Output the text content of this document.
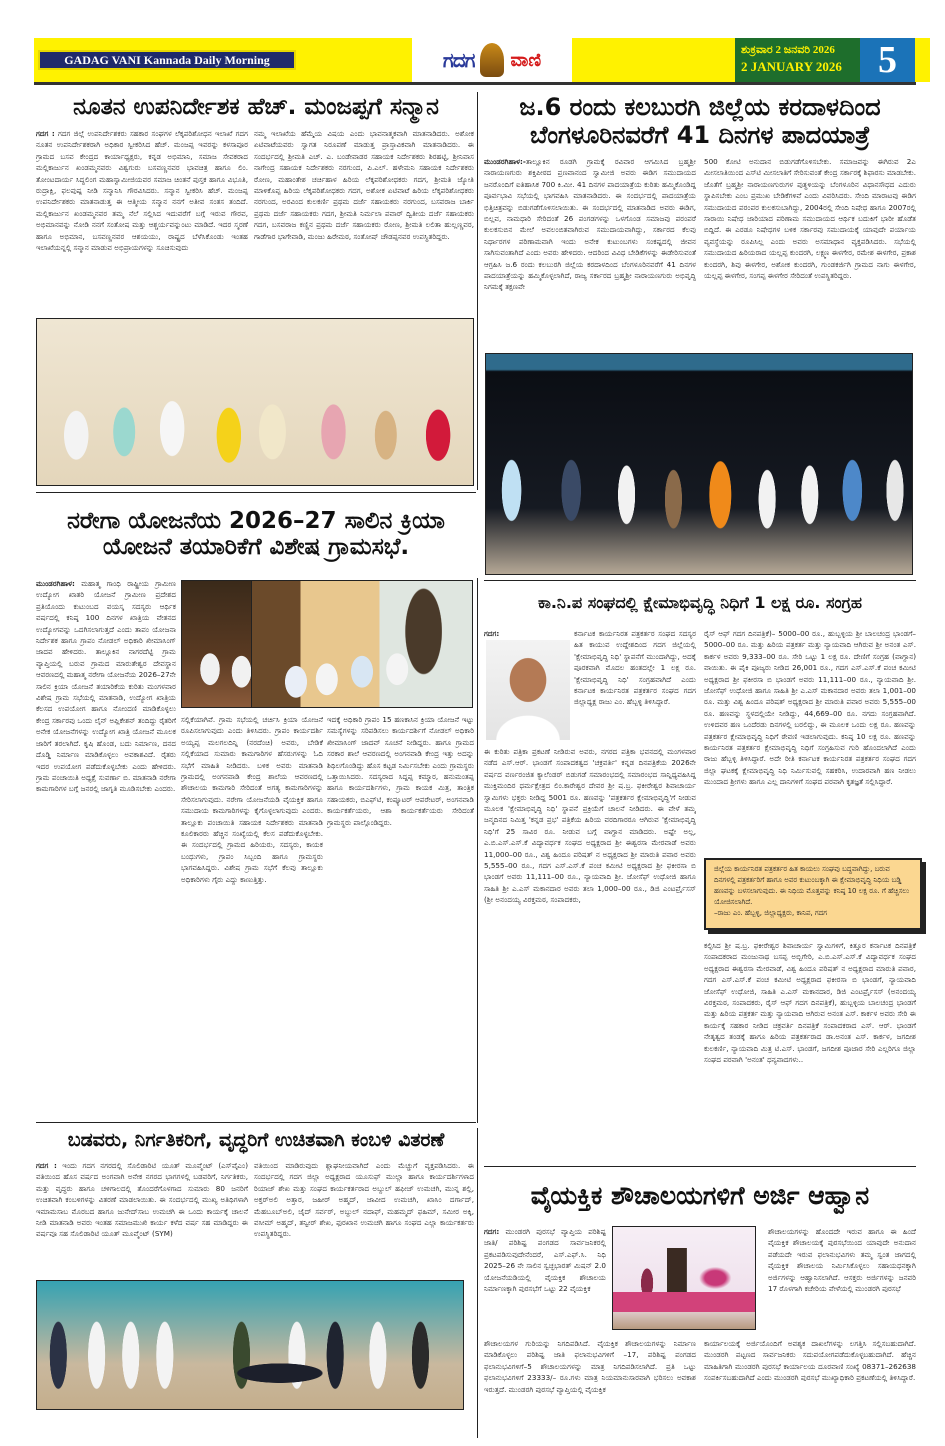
GADAG VANI Kannada Daily Morning	ಗದಗ ವಾಣಿ	ಶುಕ್ರವಾರ 2 ಜನವರಿ 2026
2 JANUARY 2026 5
ನೂತನ ಉಪನಿರ್ದೇಶಕ ಹೆಚ್. ಮಂಜಪ್ಪಗೆ ಸನ್ಮಾನ
ಗದಗ : ಗದಗ ಜಿಲ್ಲೆ ಉಪನಿರ್ದೇಶಕರು ಸಹಕಾರ ಸಂಘಗಳ ಲೆಕ್ಕಪರಿಶೋಧನ ಇಲಾಖೆ ಗದಗ ನೂತನ ಉಪನಿರ್ದೇಶಕರಾಗಿ ಅಧಿಕಾರ ಸ್ವೀಕರಿಸಿದ ಹೆಚ್. ಮಂಜಪ್ಪ ಇವರನ್ನು ಕಳಸಾಪೂರ ಗ್ರಾಮದ ಬಸವ ಕೇಂದ್ರದ ಕಾರ್ಯಾಧ್ಯಕ್ಷರು, ಕನ್ನಡ ಅಭಿಮಾನಿ, ಸಮಾಜ ಸೇವಕರಾದ ಮಲ್ಲಿಕಾರ್ಜುನ ಖಂಡಮ್ಮನವರು ವಿಶ್ವಗುರು ಬಸವಣ್ಣನವರ ಭಾವಚಿತ್ರ ಹಾಗೂ ಲಿಂ. ತೋಂಟದಾರ್ಯ ಸಿದ್ಧಲಿಂಗ ಮಹಾಸ್ವಾಮೀಜಿಯವರ ಸಮಾಜ ಚಿಂತನೆ ಪುಸ್ತಕ ಹಾಗೂ ವಿಭೂತಿ, ರುದ್ರಾಕ್ಷಿ, ಫಲಪುಷ್ಪ ನೀಡಿ ಸನ್ಮಾನಿಸಿ ಗೌರವಿಸಿದರು. ಸನ್ಮಾನ ಸ್ವೀಕರಿಸಿ ಹೆಚ್. ಮಂಜಪ್ಪ ಉಪನಿರ್ದೇಶಕರು ಮಾತನಾಡುತ್ತ ಈ ಆತ್ಮೀಯ ಸನ್ಮಾನ ನನಗೆ ಅತೀವ ಸಂತಸ ತಂದಿದೆ. ಮಲ್ಲಿಕಾರ್ಜುನ ಖಂಡಮ್ಮನವರ ತಮ್ಮ ನೆಲೆ ಸಲ್ಲಿಸಿದ ಇದುವರೆಗೆ ಬಗ್ಗೆ ಇರುವ ಗೌರವ, ಅಭಿಮಾನವನ್ನು ನೋಡಿ ನನಗೆ ಸಂತೋಷ ಮತ್ತು ಆಶ್ಚರ್ಯವನ್ನುಂಟು ಮಾಡಿದೆ. ಇದರ ಸ್ಮರಣೆ ಹಾಗೂ ಅಭಿಮಾನ, ಬಸವಣ್ಣನವರ ಆಶಯಯು, ರಾಷ್ಟ್ರದ ಬೆಳೆಸಿಕೊಂಡು ಇಂತಹ ಇಲಾಖೆಯನ್ನಲ್ಲಿ ಸನ್ಮಾನ ಮಾಡುವ ಅಭಿಪ್ರಾಯಗಳನ್ನು ಸೂಚಿಸುವುದು
ನಮ್ಮ ಇಲಾಖೆಯ ಹೆಮ್ಮೆಯ ವಿಷಯ ಎಂದು ಭಾವನಾತ್ಮಕವಾಗಿ ಮಾತನಾಡಿದರು. ಅಶೋಕ ಏಟಿವಾಟೆಯವರು ಸ್ವಾಗತ ನಿರೂಪಣೆ ಮಾಡುತ್ತ ಪ್ರಾಸ್ತಾವಿಕವಾಗಿ ಮಾತನಾಡಿದರು. ಈ ಸಂದರ್ಭದಲ್ಲಿ ಶ್ರೀಮತಿ ಎಚ್. ಎ. ಬಂಡೇವಾಡರ ಸಹಾಯಕ ನಿರ್ದೇಶಕರು ಶಿರಹಟ್ಟಿ, ಶ್ರೀನಿವಾಸ ನಾಗೇಂದ್ರ ಸಹಾಯಕ ನಿರ್ದೇಶಕರು ನರಗುಂದ, ಪಿ.ಎಲ್. ಹಳೇಮನಿ ಸಹಾಯಕ ನಿರ್ದೇಶಕರು ರೋಣ, ಮಹಾಂತೇಶ ಚರ್ಚಿಹಾಳ ಹಿರಿಯ ಲೆಕ್ಕಪರಿಶೋಧಕರು ಗದಗ, ಶ್ರೀಮತಿ ಜ್ಯೋತಿ ಮಾಳಿಕೊಪ್ಪ ಹಿರಿಯ ಲೆಕ್ಕಪರಿಶೋಧಕರು ಗದಗ, ಅಶೋಕ ಏಟಿವಾಟೆ ಹಿರಿಯ ಲೆಕ್ಕಪರಿಶೋಧಕರು ನರಗುಂದ, ಅರವಿಂದ ಕುಲಕರ್ಣಿ ಪ್ರಥಮ ದರ್ಜೆ ಸಹಾಯಕರು ನರಗುಂದ, ಬಸವರಾಜ ಬಾರ್ಕಿ ಪ್ರಥಮ ದರ್ಜೆ ಸಹಾಯಕರು ಗದಗ, ಶ್ರೀಮತಿ ನಿರ್ಮಲಾ ಪವಾರ್ ದ್ವಿತೀಯ ದರ್ಜೆ ಸಹಾಯಕರು ಗದಗ, ಬಸವರಾಜ ಕಣ್ಣಿನ ಪ್ರಥಮ ದರ್ಜೆ ಸಹಾಯಕರು ರೋಣ, ಶ್ರೀಮತಿ ಲಲಿತಾ ಹುಲ್ಲಣ್ಣವರ, ಗಾಡೆಗಾರ ಭಾಗೇವಾಡಿ, ಮಂಜು ಹಿರೇಮಠ, ಸಂತೋಷ್ ಚೌಡಪ್ಪನವರ ಉಪಸ್ಥಿತರಿದ್ದರು.
ಜ.6 ರಂದು ಕಲಬುರಗಿ ಜಿಲ್ಲೆಯ ಕರದಾಳದಿಂದ
ಬೆಂಗಳೂರಿನವರೆಗೆ 41 ದಿನಗಳ ಪಾದಯಾತ್ರೆ
ಮುಂಡರಗಿಹಾಳ:-ತಾಲ್ಲೂಕಿನ ರೂಡಗಿ ಗ್ರಾಮಕ್ಕೆ ರವಿವಾರ ಆಗಮಿಸಿದ ಬ್ರಹ್ಮಶ್ರೀ ನಾರಾಯಣಗುರು ಶಕ್ತಿಪೀಠದ ಪ್ರಣವಾನಂದ ಸ್ವಾಮೀಜಿ ಅವರು ಈಡಿಗ ಸಮುದಾಯದ ಜನರೊಂದಿಗೆ ಐತಿಹಾಸಿಕ 700 ಕಿ.ಮೀ. 41 ದಿನಗಳ ಪಾದಯಾತ್ರೆಯ ಕುರಿತು ಹಮ್ಮಿಕೊಂಡಿದ್ದ ಪೂರ್ವಭಾವಿ ಸಭೆಯಲ್ಲಿ ಭಾಗವಹಿಸಿ ಮಾತನಾಡಿದರು. ಈ ಸಂದರ್ಭದಲ್ಲಿ ಪಾದಯಾತ್ರೆಯ ಭಿತ್ತಿಚಿತ್ರವನ್ನು ಬಿಡುಗಡೆಗೊಳಿಸಲಾಯಿತು. ಈ ಸಂದರ್ಭದಲ್ಲಿ ಮಾತನಾಡಿದ ಅವರು ಈಡಿಗ, ಬಿಲ್ಲವ, ನಾಮಧಾರಿ ಸೇರಿದಂತೆ 26 ಪಂಗಡಗಳನ್ನು ಒಳಗೊಂಡ ಸಮಾಜವು ಪರಂಪರೆ ಕುಲಕಸುಬಿನ ಮೇಲೆ ಅವಲಂಬಿತವಾಗಿರುವ ಸಮುದಾಯವಾಗಿದ್ದು, ಸರ್ಕಾರದ ಕೆಲವು ನಿರ್ಧಾರಗಳ ಪರಿಣಾಮವಾಗಿ ಇಂದು ಅನೇಕ ಕುಟುಂಬಗಳು ಸಂಕಷ್ಟದಲ್ಲಿ ಜೀವನ ಸಾಗಿಸುವಂತಾಗಿದೆ ಎಂದು ಅವರು ಹೇಳಿದರು. ಆದರಿಂದ ವಿವಿಧ ಬೇಡಿಕೆಗಳನ್ನು ಈಡೇರಿಸುವಂತೆ ಆಗ್ರಹಿಸಿ ಜ.6 ರಂದು ಕಲಬುರಗಿ ಜಿಲ್ಲೆಯ ಕರದಾಳದಿಂದ ಬೆಂಗಳೂರಿನವರೆಗೆ 41 ದಿನಗಳ ಪಾದಯಾತ್ರೆಯನ್ನು ಹಮ್ಮಿಕೊಳ್ಳಲಾಗಿದೆ, ರಾಜ್ಯ ಸರ್ಕಾರದ ಬ್ರಹ್ಮಶ್ರೀ ನಾರಾಯಣಗುರು ಅಭಿವೃದ್ಧಿ ನಿಗಮಕ್ಕೆ ತಕ್ಷಣವೇ
500 ಕೋಟಿ ಅನುದಾನ ಬಿಡುಗಡೆಗೊಳಿಸಬೇಕು. ಸಮಾಜವನ್ನು ಈಗಿರುವ 2ಎ ಮೀಸಲಾತಿಯಿಂದ ಎಸ್‌ಟಿ ಮೀಸಲಾತಿಗೆ ಸೇರಿಸುವಂತೆ ಕೇಂದ್ರ ಸರ್ಕಾರಕ್ಕೆ ಶಿಫಾರಸು ಮಾಡಬೇಕು. ಜೊತೆಗೆ ಬ್ರಹ್ಮಶ್ರೀ ನಾರಾಯಣಗುರುಗಳ ಪುತ್ಥಳಿಯನ್ನು ಬೆಂಗಳೂರಿನ ವಿಧಾನಸೌಧದ ಎದುರು ಸ್ಥಾಪಿಸಬೇಕು ಎಂಬ ಪ್ರಮುಖ ಬೇಡಿಕೆಗಳಿವೆ ಎಂದು ವಿವರಿಸಿದರು. ಸೇಂದಿ ಮಾರಾಟವು ಈಡಿಗ ಸಮುದಾಯದ ಪರಂಪರ ಕುಲಕಸುಬಾಗಿದ್ದು, 2004ರಲ್ಲಿ ಸೇಂದಿ ನಿಷೇಧ ಹಾಗೂ 2007ರಲ್ಲಿ ಸಾರಾಯಿ ನಿಷೇಧ ಜಾರಿಯಾದ ಪರಿಣಾಮ ಸಮುದಾಯದ ಆರ್ಥಿಕ ಬದುಕಿಗೆ ಭಾರೀ ಹೊಡೆತ ಬಿದ್ದಿದೆ. ಈ ಎರಡೂ ನಿಷೇಧಗಳ ಬಳಿಕ ಸರ್ಕಾರವು ಸಮುದಾಯಕ್ಕೆ ಯಾವುದೇ ಪರ್ಯಾಯ ವ್ಯವಸ್ಥೆಯನ್ನು ರೂಪಿಸಿಲ್ಲ ಎಂದು ಅವರು ಅಸಮಾಧಾನ ವ್ಯಕ್ತಪಡಿಸಿದರು. ಸಭೆಯಲ್ಲಿ ಸಮುದಾಯದ ಹಿರಿಯರಾದ ಯಲ್ಲಪ್ಪ ಕುಂದರಗಿ, ಲಕ್ಷ್ಮಣ ಈಳಗೇರ, ರಮೇಶ ಈಳಗೇರ, ಪ್ರಕಾಶ ಕುಂದರಗಿ, ಶಿವು ಈಳಗೇರ, ಅಶೋಕ ಕುಂದರಗಿ, ಗುಂಡಕರ್ಜಿಗಿ ಗ್ರಾಮದ ನಾಗು ಈಳಗೇರ, ಯಲ್ಲಪ್ಪ ಈಳಗೇರ, ಸಂಗಪ್ಪ ಈಳಗೇರ ಸೇರಿದಂತೆ ಉಪಸ್ಥಿತರಿದ್ದರು.
ನರೇಗಾ ಯೋಜನೆಯ 2026–27 ಸಾಲಿನ ಕ್ರಿಯಾ
ಯೋಜನೆ ತಯಾರಿಕೆಗೆ ವಿಶೇಷ ಗ್ರಾಮಸಭೆ.
ಮುಂಡರಗಿಹಾಳ: ಮಹಾತ್ಮ ಗಾಂಧಿ ರಾಷ್ಟ್ರೀಯ ಗ್ರಾಮೀಣ ಉದ್ಯೋಗ ಖಾತರಿ ಯೋಜನೆ ಗ್ರಾಮೀಣ ಪ್ರದೇಶದ ಪ್ರತಿಯೊಂದು ಕುಟುಂಬದ ವಯಸ್ಕ ಸದಸ್ಯರು ಆರ್ಥಿಕ ವರ್ಷದಲ್ಲಿ ಕನಿಷ್ಠ 100 ದಿನಗಳ ಖಾತ್ರಿಯ ವೇತನದ ಉದ್ಯೋಗವನ್ನು ಒದಗಿಸಲಾಗುತ್ತದೆ ಎಂದು ತಾಪಂ ಯೋಜನಾ ನಿರ್ದೇಶಕ ಹಾಗೂ ಗ್ರಾಪಂ ನೋಡಲ್ ಅಧಿಕಾರಿ ಖೀಮಾಸಿಂಗ್ ಜಾದವ ಹೇಳಿದರು. ತಾಲ್ಲೂಕಿನ ನಾಗರದೆಟ್ಟಿ ಗ್ರಾಮ ವ್ಯಾಪ್ತಿಯಲ್ಲಿ ಬರುವ ಗ್ರಾಮದ ಮಾರುತೇಶ್ವರ ದೇವಸ್ಥಾನ ಆವರಣದಲ್ಲಿ ಮಹಾತ್ಮ ನರೇಗಾ ಯೋಜನೆಯ 2026–27ನೇ ಸಾಲಿನ ಕ್ರಿಯಾ ಯೋಜನೆ ತಯಾರಿಕೆಯ ಕುರಿತು ಮಂಗಳವಾರ ವಿಶೇಷ ಗ್ರಾಮ ಸಭೆಯಲ್ಲಿ ಮಾತನಾಡಿ, ಉದ್ಯೋಗ ಖಾತ್ರಿಯ ಕೆಲಸದ ಉಪಯೋಗ ಹಾಗೂ ನೋಂದಣಿ ಮಾಡಿಕೊಳ್ಳಲು ಕೇಂದ್ರ ಸರ್ಕಾರವು ಒಂದು ಲೈನ್ ಅಪ್ಲಿಕೇಶನ್ ತಂದಿದ್ದು ರೈತರಿಗೆ ಅನೇಕ ಯೋಜನೆಗಳನ್ನು ಉದ್ಯೋಗ ಖಾತ್ರಿ ಯೋಜನೆ ಮೂಲಕ ಜಾರಿಗೆ ತರಲಾಗಿದೆ. ಕೃಷಿ ಹೊಂಡ, ಬದು ನಿರ್ಮಾಣ, ದನದ ದೊಡ್ಡಿ ನಿರ್ಮಾಣ ಮಾಡಿಕೊಳ್ಳಲು ಅವಕಾಶವಿದೆ. ರೈತರು ಇದರ ಉಪಯೋಗ ಪಡೆದುಕೊಳ್ಳಬೇಕು ಎಂದು ಹೇಳಿದರು. ಗ್ರಾಮ ಪಂಚಾಯಿತಿ ಅಧ್ಯಕ್ಷೆ ಸುವರ್ಣಾ ಬಿ. ಮಾತನಾಡಿ ನರೇಗಾ ಕಾಮಗಾರಿಗಳ ಬಗ್ಗೆ ಜನರಲ್ಲಿ ಜಾಗೃತಿ ಮೂಡಿಸಬೇಕು ಎಂದರು.
ಸಲ್ಲಿಕೆಯಾಗಿವೆ. ಗ್ರಾಮ ಸಭೆಯಲ್ಲಿ ಚರ್ಚಿಸಿ ಕ್ರಿಯಾ ಯೋಜನೆ ರೂಪಿಸಲಾಗುವುದು ಎಂದು ತಿಳಿಸಿದರು. ಗ್ರಾಪಂ ಕಾರ್ಯದರ್ಶಿ ಅಯ್ಯಪ್ಪ ಮಲಗಲದಿನ್ನಿ (ನರದೆಂಚಿ) ಅವರು, ಬೇಡಿಕೆ ಸಲ್ಲಿಕೆಯಾದ ಸುಮಾರು ಕಾಮಗಾರಿಗಳ ಹೆಸರುಗಳನ್ನು ಓದಿ ಸಭೆಗೆ ಮಾಹಿತಿ ನೀಡಿದರು. ಬಳಿಕ ಅವರು ಮಾತನಾಡಿ ಗ್ರಾಮದಲ್ಲಿ ಅಂಗನವಾಡಿ ಕೇಂದ್ರ ಶಾಲೆಯ ಆವರಣದಲ್ಲಿ ಶೌಚಾಲಯ ಕಾಮಗಾರಿ ಸೇರಿದಂತೆ ಅಗತ್ಯ ಕಾಮಗಾರಿಗಳನ್ನು ಸೇರಿಸಲಾಗುವುದು. ನರೇಗಾ ಯೋಜನೆಯಡಿ ವೈಯಕ್ತಿಕ ಹಾಗೂ ಸಮುದಾಯ ಕಾಮಗಾರಿಗಳನ್ನು ಕೈಗೊಳ್ಳಲಾಗುವುದು ಎಂದರು. ತಾಲ್ಲೂಕು ಪಂಚಾಯಿತಿ ಸಹಾಯಕ ನಿರ್ದೇಶಕರು ಮಾತನಾಡಿ ಕೂಲಿಕಾರರು ಹೆಚ್ಚಿನ ಸಂಖ್ಯೆಯಲ್ಲಿ ಕೆಲಸ ಪಡೆದುಕೊಳ್ಳಬೇಕು. ಈ ಸಂದರ್ಭದಲ್ಲಿ ಗ್ರಾಮದ ಹಿರಿಯರು, ಸದಸ್ಯರು, ಕಾಯಕ ಬಂಧುಗಳು, ಗ್ರಾಪಂ ಸಿಬ್ಬಂದಿ ಹಾಗೂ ಗ್ರಾಮಸ್ಥರು ಭಾಗವಹಿಸಿದ್ದರು. ವಿಶೇಷ ಗ್ರಾಮ ಸಭೆಗೆ ಕೆಲವು ತಾಲ್ಲೂಕು ಅಧಿಕಾರಿಗಳು ಗೈರು ಎದ್ದು ಕಾಣುತ್ತಿತ್ತು.
ಇದಕ್ಕೆ ಅಧಿಕಾರಿ ಗ್ರಾಪಂ 15 ಹಣಕಾಸಿನ ಕ್ರಿಯಾ ಯೋಜನೆ ಇಟ್ಟು ಸಮಸ್ಯೆಗಳನ್ನು ಸರಿಪಡಿಸಲು ಕಾರ್ಯದರ್ಶಿಗೆ ನೋಡಲ್ ಅಧಿಕಾರಿ ಖೀಮಾಸಿಂಗ್ ಜಾದವ್ ಸೂಚನೆ ನೀಡಿದ್ದರು. ಹಾಗೂ ಗ್ರಾಮದ ಸರಕಾರ ಶಾಲೆ ಆವರಣದಲ್ಲಿ ಅಂಗನವಾಡಿ ಕೇಂದ್ರ ಇತ್ತು ಅದನ್ನು ಶಿಥಿಲಗೊಂಡಿದ್ದು ಹೊಸ ಕಟ್ಟಡ ನಿರ್ಮಿಸಬೇಕು ಎಂದು ಗ್ರಾಮಸ್ಥರು ಒತ್ತಾಯಿಸಿದರು. ಸದಸ್ಯರಾದ ಸಿದ್ದಪ್ಪ ಕಮ್ಮಾರ, ಹನುಮಂತಪ್ಪ ಹಾಗೂ ಕಾರ್ಯದರ್ಶಿಗಳು, ಗ್ರಾಮ ಕಾಯಕ ಮಿತ್ರ, ತಾಂತ್ರಿಕ ಸಹಾಯಕರು, ಬಿಎಫ್‌ಟಿ, ಕಂಪ್ಯೂಟರ್ ಆಪರೇಟರ್, ಅಂಗನವಾಡಿ ಕಾರ್ಯಕರ್ತೆಯರು, ಆಶಾ ಕಾರ್ಯಕರ್ತೆಯರು ಸೇರಿದಂತೆ ಗ್ರಾಮಸ್ಥರು ಪಾಲ್ಗೊಂಡಿದ್ದರು.
ಕಾ.ನಿ.ಪ ಸಂಘದಲ್ಲಿ ಕ್ಷೇಮಾಭಿವೃದ್ಧಿ ನಿಧಿಗೆ 1 ಲಕ್ಷ ರೂ. ಸಂಗ್ರಹ
ಗದಗ:	ಕರ್ನಾಟಕ ಕಾರ್ಯನಿರತ ಪತ್ರಕರ್ತರ ಸಂಘದ ಸದಸ್ಯರ ಹಿತ ಕಾಯುವ ಉದ್ದೇಶದಿಂದ ಗದಗ ಜಿಲ್ಲೆಯಲ್ಲಿ 'ಕ್ಷೇಮಾಭಿವೃದ್ಧಿ ನಿಧಿ' ಸ್ಥಾಪನೆಗೆ ಮುಂದಾಗಿದ್ದು, ಅದಕ್ಕೆ ಪೂರಕವಾಗಿ ಮೊದಲ ಹಂತದಲ್ಲೇ 1 ಲಕ್ಷ ರೂ. 'ಕ್ಷೇಮಾಭಿವೃದ್ಧಿ ನಿಧಿ' ಸಂಗ್ರಹವಾಗಿದೆ ಎಂದು ಕರ್ನಾಟಕ ಕಾರ್ಯನಿರತ ಪತ್ರಕರ್ತರ ಸಂಘದ ಗದಗ ಜಿಲ್ಲಾಧ್ಯಕ್ಷ ರಾಜು ಎಂ. ಹೆಬ್ಬಳ್ಳಿ ತಿಳಿಸಿದ್ದಾರೆ.
ಈ ಕುರಿತು ಪತ್ರಿಕಾ ಪ್ರಕಟಣೆ ನೀಡಿರುವ ಅವರು, ನಗರದ ಪತ್ರಿಕಾ ಭವನದಲ್ಲಿ ಮಂಗಳವಾರ ನಡೆದ ಎಸ್.ಆರ್. ಭಾಂಡಗೆ ಸಂಪಾದಕತ್ವದ 'ಚಕ್ರವರ್ತಿ' ಕನ್ನಡ ದಿನಪತ್ರಿಕೆಯ 2026ನೇ ವರ್ಷದ ವರ್ಣರಂಜಿತ ಕ್ಯಾಲೆಂಡರ್ ಬಿಡುಗಡೆ ಸಮಾರಂಭದಲ್ಲಿ ಸಮಾರಂಭದ ಸಾನ್ನಿಧ್ಯವಹಿಸಿದ್ದ ಮುಕ್ತಿಮಂದಿರ ಧರ್ಮಕ್ಷೇತ್ರದ ಲಿಂ.ಕಾರೇಶ್ವರ ದೇವರ ಶ್ರೀ ಷ.ಬ್ರ. ಫಕೀರೇಶ್ವರ ಶಿವಾಚಾರ್ಯ ಸ್ವಾಮಿಗಳು ಭಕ್ತರು ನೀಡಿದ್ದ 5001 ರೂ. ಹಣವನ್ನು 'ಪತ್ರಕರ್ತರ ಕ್ಷೇಮಾಭಿವೃದ್ಧಿ'ಗೆ ನೀಡುವ ಮೂಲಕ 'ಕ್ಷೇಮಾಭಿವೃದ್ಧಿ ನಿಧಿ' ಸ್ಥಾಪನೆ ಪ್ರಕ್ರಿಯೆಗೆ ಚಾಲನೆ ನೀಡಿದರು. ಈ ವೇಳೆ ತಮ್ಮ ಜನ್ಮದಿನದ ನಿಮಿತ್ತ 'ಕನ್ನಡ ಪ್ರಭ' ಪತ್ರಿಕೆಯ ಹಿರಿಯ ವರದಿಗಾರರೂ ಆಗಿರುವ 'ಕ್ಷೇಮಾಭಿವೃದ್ಧಿ ನಿಧಿ'ಗೆ 25 ಸಾವಿರ ರೂ. ನೀಡುವ ಬಗ್ಗೆ ವಾಗ್ದಾನ ಮಾಡಿದರು. ಅಷ್ಟೇ ಅಲ್ಲ, ಎ.ಬಿ.ಎಸ್.ಎಸ್.ಕೆ ವಿದ್ಯಾವರ್ಧಕ ಸಂಘದ ಅಧ್ಯಕ್ಷರಾದ ಶ್ರೀ ಈಶ್ವರಸಾ ಮೇರವಾಡೆ ಅವರು 11,000–00 ರೂ., ವಿಶ್ವ ಹಿಂದೂ ಪರಿಷತ್ ನ ಅಧ್ಯಕ್ಷರಾದ ಶ್ರೀ ಮಾರುತಿ ಪವಾರ ಅವರು 5,555–00 ರೂ., ಗದಗ ಎಸ್.ಎಸ್.ಕೆ ಪಂಚ ಕಮೀಟಿ ಅಧ್ಯಕ್ಷರಾದ ಶ್ರೀ ಫಕೀರಸಾ ಬಿ ಭಾಂಡಗೆ ಅವರು 11,111–00 ರೂ., ನ್ಯಾಯವಾದಿ ಶ್ರೀ. ಜೋಸೆಫ್ ಉಧೋಜಿ ಹಾಗೂ ಸಾಹಿತಿ ಶ್ರೀ ಎ.ಎಸ್ ಮಕಾನದಾರ ಅವರು ತಲಾ 1,000–00 ರೂ., ಡಿಜಿ ಎಂಟರ್ಪ್ರೈಸಸ್ (ಶ್ರೀ ಅನಂದಯ್ಯ ವಿರಕ್ತಮಠ, ಸಂಪಾದಕರು,
ರೈಸ್ ಆಫ್ ಗದಗ ದಿನಪತ್ರಿಕೆ)– 5000–00 ರೂ., ಹುಬ್ಬಳ್ಳಿಯ ಶ್ರೀ ಬಾಲಚಂದ್ರ ಭಾಂಡಗೆ– 5000–00 ರೂ. ಮತ್ತು ಹಿರಿಯ ಪತ್ರಕರ್ತ ಮತ್ತು ನ್ಯಾಯವಾದಿ ಆಗಿರುವ ಶ್ರೀ ಅನಂತ ಎಸ್. ಕಾರ್ಕಳ ಅವರು 9,333–00 ರೂ. ಸೇರಿ ಒಟ್ಟು 1 ಲಕ್ಷ ರೂ. ದೇಣಿಗೆ ಸಂಗ್ರಹ (ವಾಗ್ದಾನ) ವಾಯಿತು. ಈ ಪೈಕಿ ಪೂಜ್ಯರು ನೀಡಿದ 26,001 ರೂ., ಗದಗ ಎಸ್.ಎಸ್.ಕೆ ಪಂಚ ಕಮೀಟಿ ಅಧ್ಯಕ್ಷರಾದ ಶ್ರೀ ಫಕೀರಸಾ ಬಿ ಭಾಂಡಗೆ ಅವರು 11,111–00 ರೂ., ನ್ಯಾಯವಾದಿ ಶ್ರೀ. ಜೋಸೆಫ್ ಉಧೋಜಿ ಹಾಗೂ ಸಾಹಿತಿ ಶ್ರೀ ಎ.ಎಸ್ ಮಕಾನದಾರ ಅವರು ತಲಾ 1,001–00 ರೂ. ಮತ್ತು ವಿಶ್ವ ಹಿಂದೂ ಪರಿಷತ್ ಅಧ್ಯಕ್ಷರಾದ ಶ್ರೀ ಮಾರುತಿ ಪವಾರ ಅವರು 5,555–00 ರೂ. ಹಣವನ್ನು ಸ್ಥಳದಲ್ಲಿಯೇ ನೀಡಿದ್ದು, 44,669–00 ರೂ. ನಗದು ಸಂಗ್ರಹವಾಗಿದೆ. ಉಳಿದವರ ಹಣ ಒಂದೆರಡು ದಿನಗಳಲ್ಲಿ ಬರಲಿದ್ದು, ಈ ಮೂಲಕ ಒಂದು ಲಕ್ಷ ರೂ. ಹಣವನ್ನು ಪತ್ರಕರ್ತರ ಕ್ಷೇಮಾಭಿವೃದ್ಧಿ ನಿಧಿಗೆ ಠೇವಣಿ ಇಡಲಾಗುವುದು. ಕನಿಷ್ಠ 10 ಲಕ್ಷ ರೂ. ಹಣವನ್ನು ಕಾರ್ಯನಿರತ ಪತ್ರಕರ್ತರ ಕ್ಷೇಮಾಭಿವೃದ್ಧಿ ನಿಧಿಗೆ ಸಂಗ್ರಹಿಸುವ ಗುರಿ ಹೊಂದಲಾಗಿದೆ ಎಂದು ರಾಜು ಹೆಬ್ಬಳ್ಳಿ ತಿಳಿಸಿದ್ದಾರೆ. ಅದೇ ರೀತಿ ಕರ್ನಾಟಕ ಕಾರ್ಯನಿರತ ಪತ್ರಕರ್ತರ ಸಂಘದ ಗದಗ ಜಿಲ್ಲಾ ಘಟಕಕ್ಕೆ ಕ್ಷೇಮಾಭಿವೃದ್ಧಿ ನಿಧಿ ನಿರ್ಮಿಸುವಲ್ಲಿ ಸಹಕರಿಸಿ, ಉದಾರವಾಗಿ ಹಣ ನೀಡಲು ಮುಂದಾದ ಶ್ರೀಗಳು ಹಾಗೂ ಎಲ್ಲ ದಾನಿಗಳಿಗೆ ಸಂಘದ ಪರವಾಗಿ ಕೃತಜ್ಞತೆ ಸಲ್ಲಿಸಿದ್ದಾರೆ.
ಜಿಲ್ಲೆಯ ಕಾರ್ಯನಿರತ ಪತ್ರಕರ್ತರ ಹಿತ ಕಾಯಲು ಸಂಘವು ಬದ್ಧವಾಗಿದ್ದು, ಬರುವ ದಿನಗಳಲ್ಲಿ ಪತ್ರಕರ್ತರಿಗೆ ಹಾಗೂ ಅವರ ಕುಟುಂಬಕ್ಕಾಗಿ ಈ ಕ್ಷೇಮಾಭಿವೃದ್ಧಿ ನಿಧಿಯ ಬಡ್ಡಿ ಹಣವನ್ನು ಬಳಸಲಾಗುವುದು. ಈ ನಿಧಿಯ ಮೊತ್ತವನ್ನು ಕನಿಷ್ಠ 10 ಲಕ್ಷ ರೂ. ಗೆ ಹೆಚ್ಚಿಸಲು ಯೋಜಿಸಲಾಗಿದೆ.
–ರಾಜು ಎಂ. ಹೆಬ್ಬಳ್ಳಿ, ಜಿಲ್ಲಾಧ್ಯಕ್ಷರು, ಕಾನಿಪ, ಗದಗ
ಕಲ್ಪಿಸಿದ ಶ್ರೀ ಷ.ಬ್ರ. ಫಕೀರೇಶ್ವರ ಶಿವಾಚಾರ್ಯ ಸ್ವಾಮಿಗಳಿಗೆ, ಕಿತ್ತೂರ ಕರ್ನಾಟಕ ದಿನಪತ್ರಿಕೆ ಸಂಪಾದಕರಾದ ಮಂಜುನಾಥ ಬಸಪ್ಪ ಅಬ್ಬಿಗೇರಿ, ಎ.ಬಿ.ಎಸ್.ಎಸ್.ಕೆ ವಿದ್ಯಾವರ್ಧಕ ಸಂಘದ ಅಧ್ಯಕ್ಷರಾದ ಈಶ್ವರಸಾ ಮೇರವಾಡೆ, ವಿಶ್ವ ಹಿಂದೂ ಪರಿಷತ್ ನ ಅಧ್ಯಕ್ಷರಾದ ಮಾರುತಿ ಪವಾರ, ಗದಗ ಎಸ್.ಎಸ್.ಕೆ ಪಂಚ ಕಮೀಟಿ ಅಧ್ಯಕ್ಷರಾದ ಫಕೀರಸಾ ಬಿ ಭಾಂಡಗೆ, ನ್ಯಾಯವಾದಿ ಜೋಸೆಫ್ ಉಧೋಜಿ, ಸಾಹಿತಿ ಎ.ಎಸ್ ಮಕಾನದಾರ, ಡಿಜಿ ಎಂಟರ್ಪ್ರೈಸಸ್ (ಅನಂದಯ್ಯ ವಿರಕ್ತಮಠ, ಸಂಪಾದಕರು, ರೈಸ್ ಆಫ್ ಗದಗ ದಿನಪತ್ರಿಕೆ), ಹುಬ್ಬಳ್ಳಿಯ ಬಾಲಚಂದ್ರ ಭಾಂಡಗೆ ಮತ್ತು ಹಿರಿಯ ಪತ್ರಕರ್ತ ಮತ್ತು ನ್ಯಾಯವಾದಿ ಆಗಿರುವ ಅನಂತ ಎಸ್. ಕಾರ್ಕಳ ಅವರು ಸೇರಿ ಈ ಕಾರ್ಯಕ್ಕೆ ಸಹಕಾರ ನೀಡಿದ ಚಕ್ರವರ್ತಿ ದಿನಪತ್ರಿಕೆ ಸಂಪಾದಕರಾದ ಎಸ್. ಆರ್. ಭಾಂಡಗೆ ನೇತೃತ್ವದ ತಂಡಕ್ಕೆ ಹಾಗೂ ಹಿರಿಯ ಪತ್ರಕರ್ತರಾದ ಡಾ.ಅನಂತ ಎಸ್. ಕಾರ್ಕಳ, ಜಗದೀಶ ಕುಲಕರ್ಣಿ, ನ್ಯಾಯವಾದಿ ಮಿತ್ರ ಟಿ.ಎಸ್. ಭಾಂಡಗೆ, ಜಗದೀಶ ಪೂಜಾರ ಸೇರಿ ಎಲ್ಲರಿಗೂ ಜಿಲ್ಲಾ ಸಂಘದ ಪರವಾಗಿ 'ಅನಂತ' ಧನ್ಯವಾದಗಳು..
ಬಡವರು, ನಿರ್ಗತಿಕರಿಗೆ, ವೃದ್ಧರಿಗೆ ಉಚಿತವಾಗಿ ಕಂಬಳಿ ವಿತರಣೆ
ಗದಗ : ಇಂದು ಗದಗ ನಗರದಲ್ಲಿ ಸೊಲಿಡಾರಿಟಿ ಯೂತ್ ಮೂವ್ಮೆಂಟ್ (ಎಸ್‌ವೈಎಂ) ವತಿಯಿಂದ ಹೊಸ ವರ್ಷದ ಅಂಗವಾಗಿ ಅನೇಕ ನಗರದ ಭಾಗಗಳಲ್ಲಿ ಬಡವರಿಗೆ, ನಿರ್ಗತಿಕರು, ಮತ್ತು ವೃದ್ಧರು ಹಾಗೂ ಚಳಿಗಾಲದಲ್ಲಿ ತೊಂದರೆಗೊಳಗಾದ ಸುಮಾರು 80 ಜನರಿಗೆ ಉಚಿತವಾಗಿ ಕಂಬಳಿಗಳನ್ನು ವಿತರಣೆ ಮಾಡಲಾಯಿತು. ಈ ಸಂದರ್ಭದಲ್ಲಿ ಮುಖ್ಯ ಅತಿಥಿಗಳಾಗಿ ಇಮಾಮಸಾಬ ಮೊರಬದ ಹಾಗೂ ಜುನೇದ್‌ಸಾಬ ಉಮಚಗಿ ಈ ಒಂದು ಕಾರ್ಯಕ್ಕೆ ಚಾಲನೆ ನೀಡಿ ಮಾತನಾಡಿ ಅವರು ಇಂತಹ ಸಮಾಜಮುಖಿ ಕಾರ್ಯ ಕಳೆದ ವರ್ಷ ಸಹ ಮಾಡಿದ್ದರು ಈ ವರ್ಷವೂ ಸಹ ಸೊಲಿಡಾರಿಟಿ ಯೂತ್ ಮೂವ್ಮೆಂಟ್ (SYM)
ವತಿಯಿಂದ ಮಾಡಿರುವುದು ಶ್ಲಾಘನೀಯವಾಗಿದೆ ಎಂದು ಮೆಚ್ಚುಗೆ ವ್ಯಕ್ತಪಡಿಸಿದರು. ಈ ಸಂದರ್ಭದಲ್ಲಿ ಗದಗ ಜಿಲ್ಲಾ ಅಧ್ಯಕ್ಷರಾದ ಯೂಸುಫ್ ಮುಲ್ಲಾ ಹಾಗೂ ಕಾರ್ಯದರ್ಶಿಗಳಾದ ರಿಯಾಜ್ ಶೇಖ ಮತ್ತು ಸಂಘದ ಕಾರ್ಯಕರ್ತರಾದ ಅಬ್ದುಲ್ ಹಫೀಜ್ ಉಮಚಗಿ, ಮುನ್ನ ಶಲ್ಲಿ, ಅಕ್ತರ್‌ಅಲಿ ಅತ್ತಾರ, ಜಹೀರ್ ಅಹ್ಮದ್, ಜಾವೀದ ಉಮಚಗಿ, ಖಾಸಿಂ ದರ್ಗಾದ್, ಮೆಹಬೂಬ್‌ಅಲಿ, ಜೈದ್ ಸರ್ವರ್, ಅಬ್ದುಲ್ ನದಾಫ್, ಮಹಮ್ಮದ್ ಫಹಿಮ್, ಸಮೀರ ಅಕ್ಕಿ, ವಸೀಮ್ ಅಹ್ಮದ್, ತನ್ವೀರ್ ಶೇಖ, ಫುರಖಾನ ಉಮಚಗಿ ಹಾಗೂ ಸಂಘದ ಎಲ್ಲಾ ಕಾರ್ಯಕರ್ತರು ಉಪಸ್ಥಿತರಿದ್ದರು.
ವೈಯಕ್ತಿಕ ಶೌಚಾಲಯಗಳಿಗೆ ಅರ್ಜಿ ಆಹ್ವಾನ
ಗದಗ: ಮುಂಡರಗಿ ಪುರಸಭೆ ವ್ಯಾಪ್ತಿಯ ಪರಿಶಿಷ್ಟ ಜಾತಿ/ ಪರಿಶಿಷ್ಟ ಪಂಗಡದ ಸಾರ್ವಜನಿಕರಲ್ಲಿ ಪ್ರಕಟಪಡಿಸುವುದೇನೆಂದರೆ, ಎಸ್.ಎಫ್.ಸಿ. ನಿಧಿ 2025–26 ನೇ ಸಾಲಿನ ಸ್ವಚ್ಛಭಾರತ್ ಮಿಷನ್ 2.0 ಯೋಜನೆಯಡಿಯಲ್ಲಿ ವೈಯಕ್ತಿಕ ಶೌಚಾಲಯ ನಿರ್ಮಾಣಕ್ಕಾಗಿ ಪುರಸಭೆಗೆ ಒಟ್ಟು 22 ವೈಯಕ್ತಿಕ
ಶೌಚಾಲಯಗಳನ್ನು ಹೊಂದದೇ ಇರುವ ಹಾಗೂ ಈ ಹಿಂದೆ ವೈಯಕ್ತಿಕ ಶೌಚಾಲಯಕ್ಕೆ ಪುರಸಭೆಯಿಂದ ಯಾವುದೇ ಅನುದಾನ ಪಡೆಯದೇ ಇರುವ ಫಲಾನುಭವಿಗಳು ತಮ್ಮ ಸ್ವಂತ ಜಾಗದಲ್ಲಿ ವೈಯಕ್ತಿಕ ಶೌಚಾಲಯ ನಿರ್ಮಿಸಿಕೊಳ್ಳಲು ಸಹಾಯಧನಕ್ಕಾಗಿ ಅರ್ಜಿಗಳನ್ನು ಆಹ್ವಾನಿಸಲಾಗಿದೆ. ಆಸಕ್ತರು ಅರ್ಜಿಗಳನ್ನು ಜನವರಿ 17 ರೊಳಗಾಗಿ ಕಚೇರಿಯ ವೇಳೆಯಲ್ಲಿ ಮುಂಡರಗಿ ಪುರಸಭೆ
ಶೌಚಾಲಯಗಳ ಗುರಿಯನ್ನು ನಿಗದಿಪಡಿಸಿದೆ. ವೈಯಕ್ತಿಕ ಶೌಚಾಲಯಗಳನ್ನು ನಿರ್ಮಾಣ ಮಾಡಿಕೊಳ್ಳಲು ಪರಿಶಿಷ್ಟ ಜಾತಿ ಫಲಾನುಭವಿಗಳಿಗೆ –17, ಪರಿಶಿಷ್ಟ ಪಂಗಡದ ಫಲಾನುಭವಿಗಳಿಗೆ–5 ಶೌಚಾಲಯಗಳನ್ನು ಮಾತ್ರ ನಿಗದಿಪಡಿಸಲಾಗಿದೆ. ಪ್ರತಿ ಒಟ್ಟು ಫಲಾನುಭವಿಗಳಿಗೆ 23333/– ರೂ.ಗಳು ಮಾತ್ರ ನಿಯಮಾನುಸಾರವಾಗಿ ಭರಿಸಲು ಅವಕಾಶ ಇರುತ್ತದೆ. ಮುಂಡರಗಿ ಪುರಸಭೆ ವ್ಯಾಪ್ತಿಯಲ್ಲಿ ವೈಯಕ್ತಿಕ
ಕಾರ್ಯಾಲಯಕ್ಕೆ ಅರ್ಜಿಯೊಂದಿಗೆ ಅವಶ್ಯಕ ದಾಖಲೆಗಳನ್ನು ಲಗತ್ತಿಸಿ ಸಲ್ಲಿಸಬಹುದಾಗಿದೆ. ಮುಂಡರಗಿ ಪಟ್ಟಣದ ಸಾರ್ವಜನಿಕರು ಸದುಪಯೋಗಪಡೆದುಕೊಳ್ಳಬಹುದಾಗಿದೆ. ಹೆಚ್ಚಿನ ಮಾಹಿತಿಗಾಗಿ ಮುಂಡರಗಿ ಪುರಸಭೆ ಕಾರ್ಯಾಲಯ ದೂರವಾಣಿ ಸಂಖ್ಯೆ 08371–262638 ಸಂಪರ್ಕಿಸಬಹುದಾಗಿದೆ ಎಂದು ಮುಂಡರಗಿ ಪುರಸಭೆ ಮುಖ್ಯಾಧಿಕಾರಿ ಪ್ರಕಟಣೆಯಲ್ಲಿ ತಿಳಿಸಿದ್ದಾರೆ.
